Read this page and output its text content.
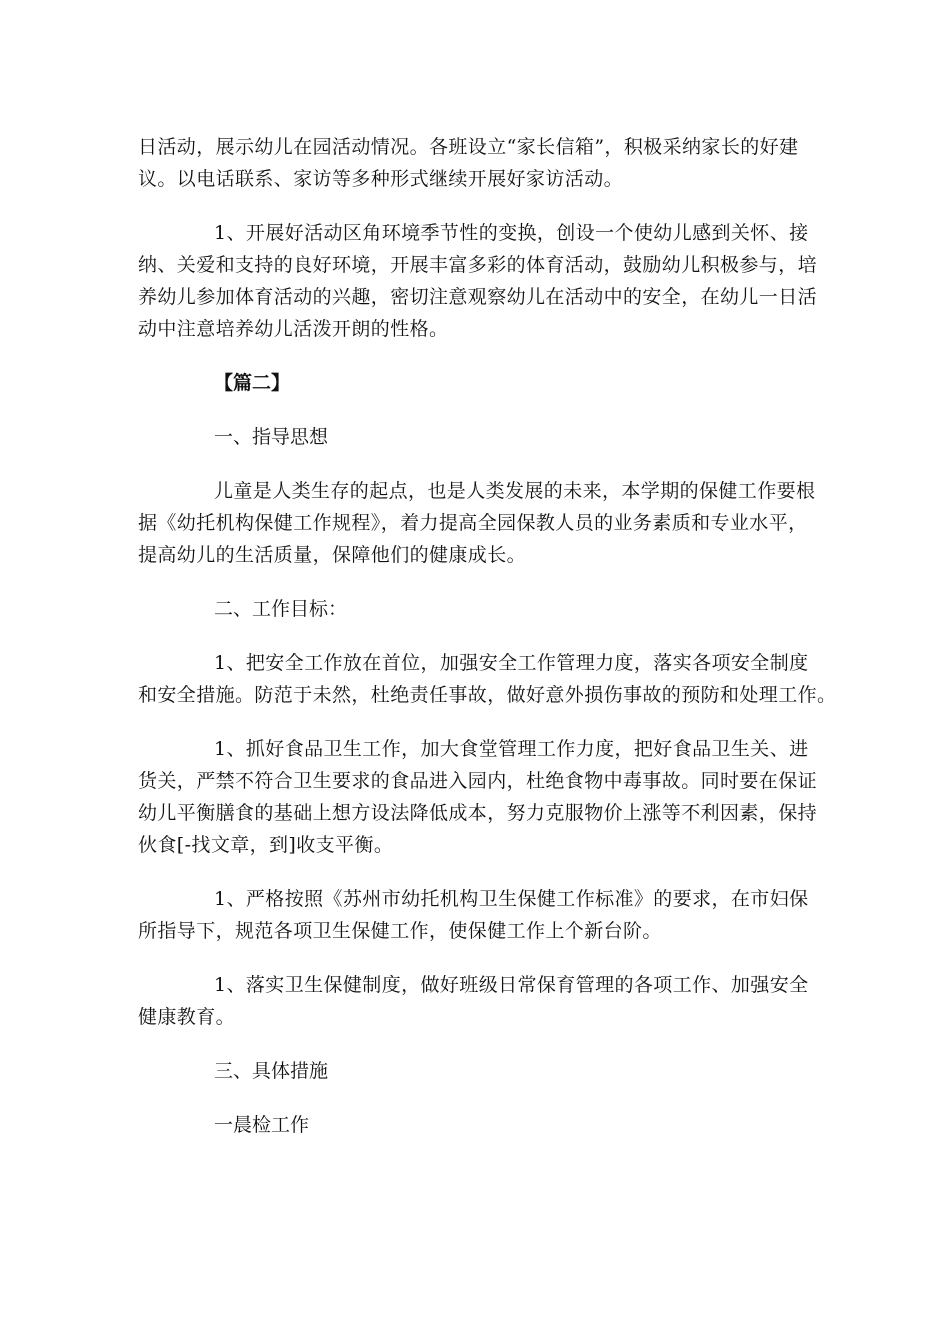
日活动，展示幼儿在园活动情况。各班设立“家长信箱”，积极采纳家长的好建
议。以电话联系、家访等多种形式继续开展好家访活动。

1、开展好活动区角环境季节性的变换，创设一个使幼儿感到关怀、接
纳、关爱和支持的良好环境，开展丰富多彩的体育活动，鼓励幼儿积极参与，培
养幼儿参加体育活动的兴趣，密切注意观察幼儿在活动中的安全，在幼儿一日活
动中注意培养幼儿活泼开朗的性格。

【篇二】

一、指导思想

儿童是人类生存的起点，也是人类发展的未来，本学期的保健工作要根
据《幼托机构保健工作规程》，着力提高全园保教人员的业务素质和专业水平，
提高幼儿的生活质量，保障他们的健康成长。

二、工作目标：

1、把安全工作放在首位，加强安全工作管理力度，落实各项安全制度
和安全措施。防范于未然，杜绝责任事故，做好意外损伤事故的预防和处理工作。

1、抓好食品卫生工作，加大食堂管理工作力度，把好食品卫生关、进
货关，严禁不符合卫生要求的食品进入园内，杜绝食物中毒事故。同时要在保证
幼儿平衡膳食的基础上想方设法降低成本，努力克服物价上涨等不利因素，保持
伙食[-找文章，到]收支平衡。

1、严格按照《苏州市幼托机构卫生保健工作标准》的要求，在市妇保
所指导下，规范各项卫生保健工作，使保健工作上个新台阶。

1、落实卫生保健制度，做好班级日常保育管理的各项工作、加强安全
健康教育。

三、具体措施

一晨检工作
